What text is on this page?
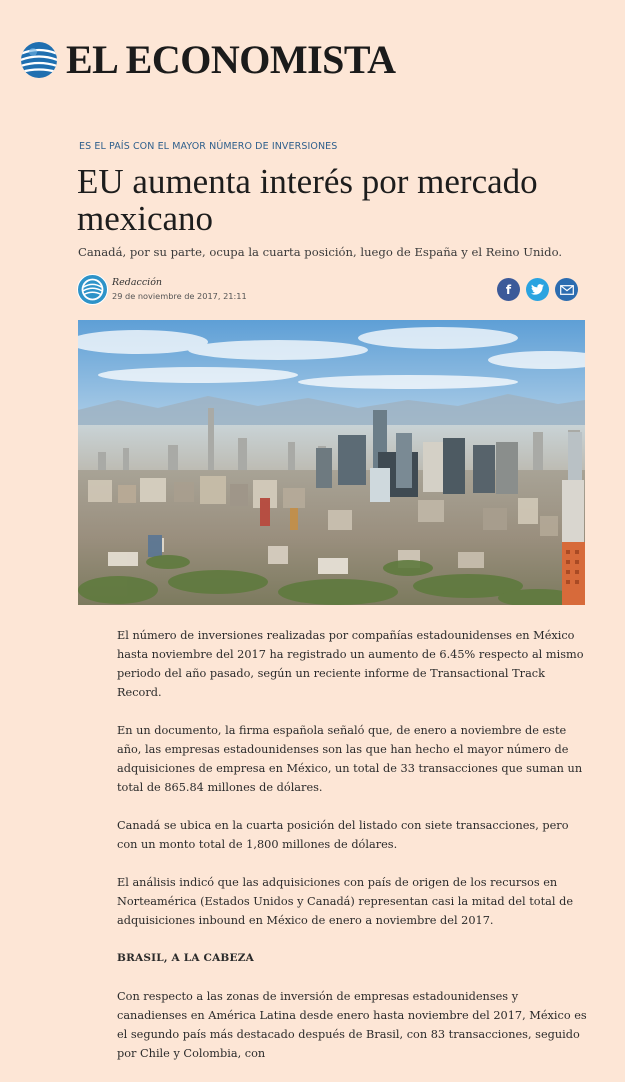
EL ECONOMISTA
ES EL PAÍS CON EL MAYOR NÚMERO DE INVERSIONES
EU aumenta interés por mercado mexicano
Canadá, por su parte, ocupa la cuarta posición, luego de España y el Reino Unido.
Redacción
29 de noviembre de 2017, 21:11	f

El número de inversiones realizadas por compañías estadounidenses en México hasta noviembre del 2017 ha registrado un aumento de 6.45% respecto al mismo periodo del año pasado, según un reciente informe de Transactional Track Record.

En un documento, la firma española señaló que, de enero a noviembre de este año, las empresas estadounidenses son las que han hecho el mayor número de adquisiciones de empresa en México, un total de 33 transacciones que suman un total de 865.84 millones de dólares.

Canadá se ubica en la cuarta posición del listado con siete transacciones, pero con un monto total de 1,800 millones de dólares.

El análisis indicó que las adquisiciones con país de origen de los recursos en Norteamérica (Estados Unidos y Canadá) representan casi la mitad del total de adquisiciones inbound en México de enero a noviembre del 2017.

BRASIL, A LA CABEZA

Con respecto a las zonas de inversión de empresas estadounidenses y canadienses en América Latina desde enero hasta noviembre del 2017, México es el segundo país más destacado después de Brasil, con 83 transacciones, seguido por Chile y Colombia, con
